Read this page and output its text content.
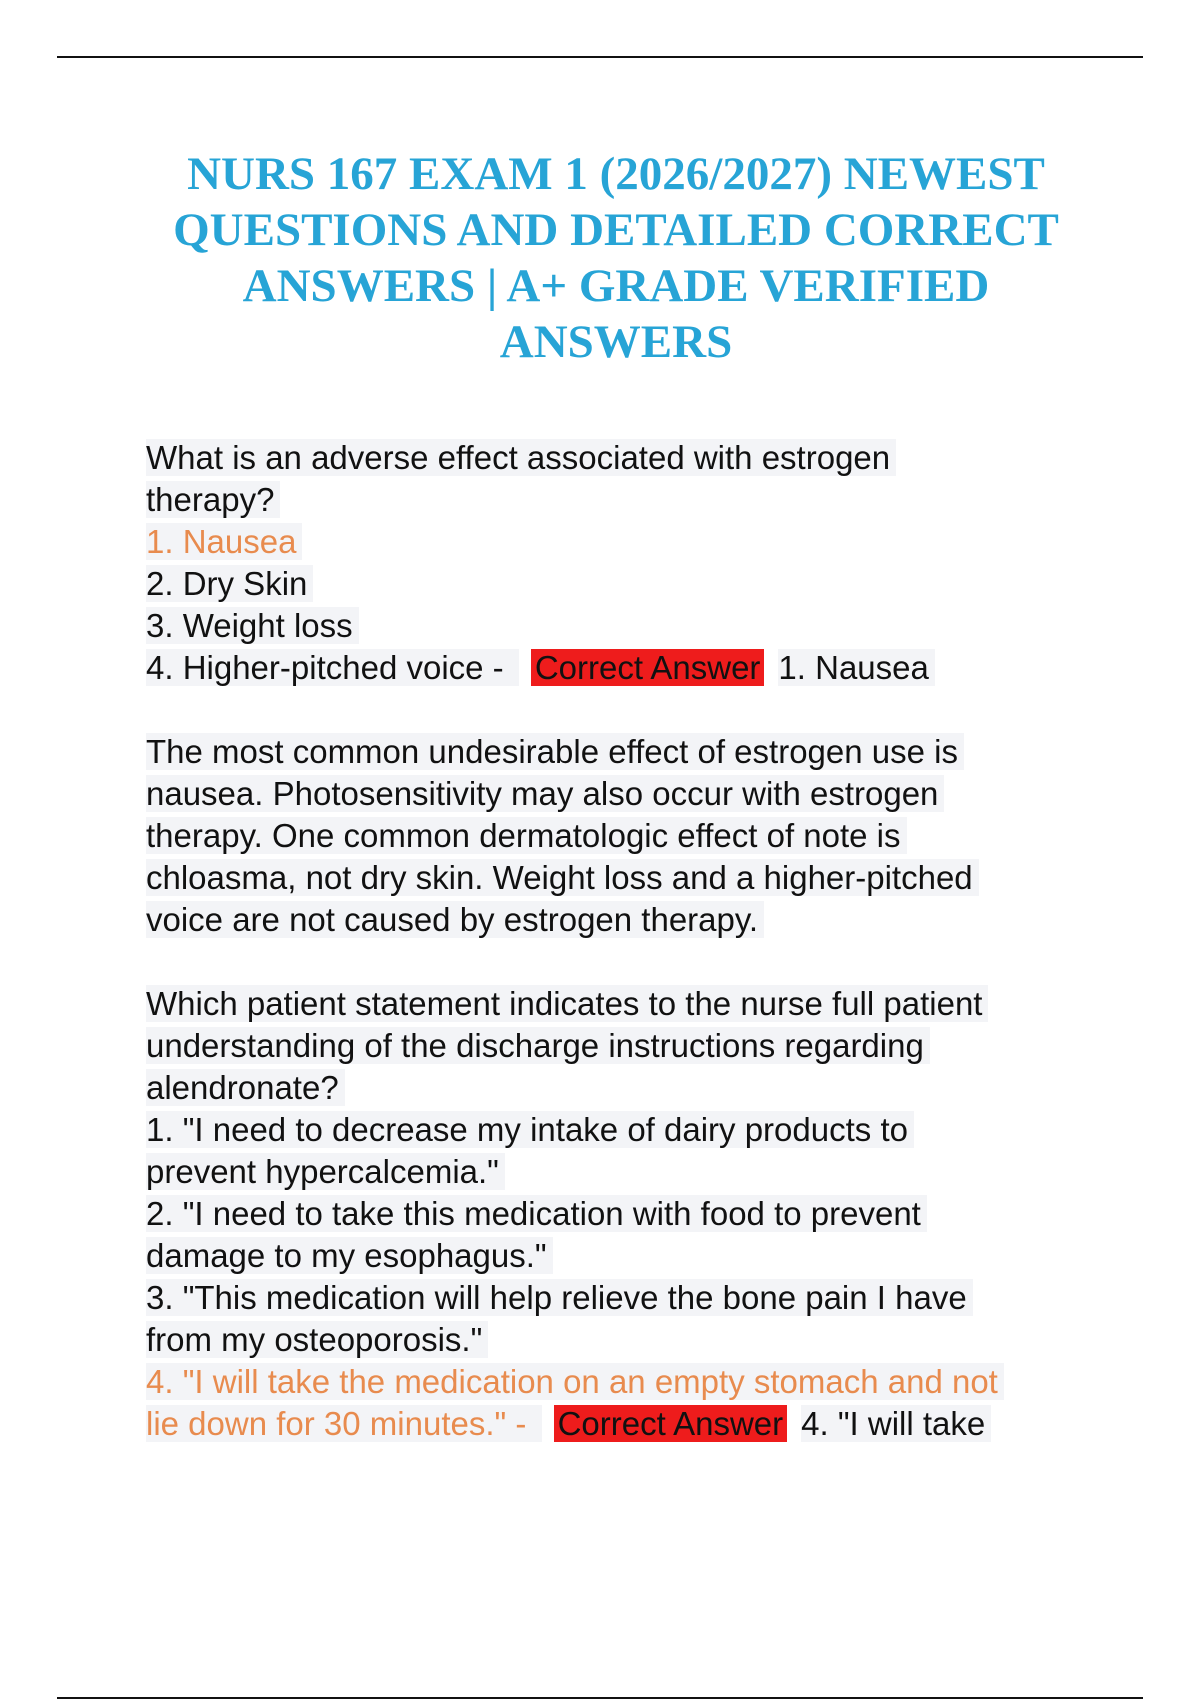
NURS 167 EXAM 1 (2026/2027) NEWEST
QUESTIONS AND DETAILED CORRECT
ANSWERS | A+ GRADE VERIFIED
ANSWERS
What is an adverse effect associated with estrogen
therapy?
1. Nausea
2. Dry Skin
3. Weight loss
4. Higher-pitched voice - Correct Answer 1. Nausea
The most common undesirable effect of estrogen use is
nausea. Photosensitivity may also occur with estrogen
therapy. One common dermatologic effect of note is
chloasma, not dry skin. Weight loss and a higher-pitched
voice are not caused by estrogen therapy.
Which patient statement indicates to the nurse full patient
understanding of the discharge instructions regarding
alendronate?
1. "I need to decrease my intake of dairy products to
prevent hypercalcemia."
2. "I need to take this medication with food to prevent
damage to my esophagus."
3. "This medication will help relieve the bone pain I have
from my osteoporosis."
4. "I will take the medication on an empty stomach and not
lie down for 30 minutes." - Correct Answer 4. "I will take
